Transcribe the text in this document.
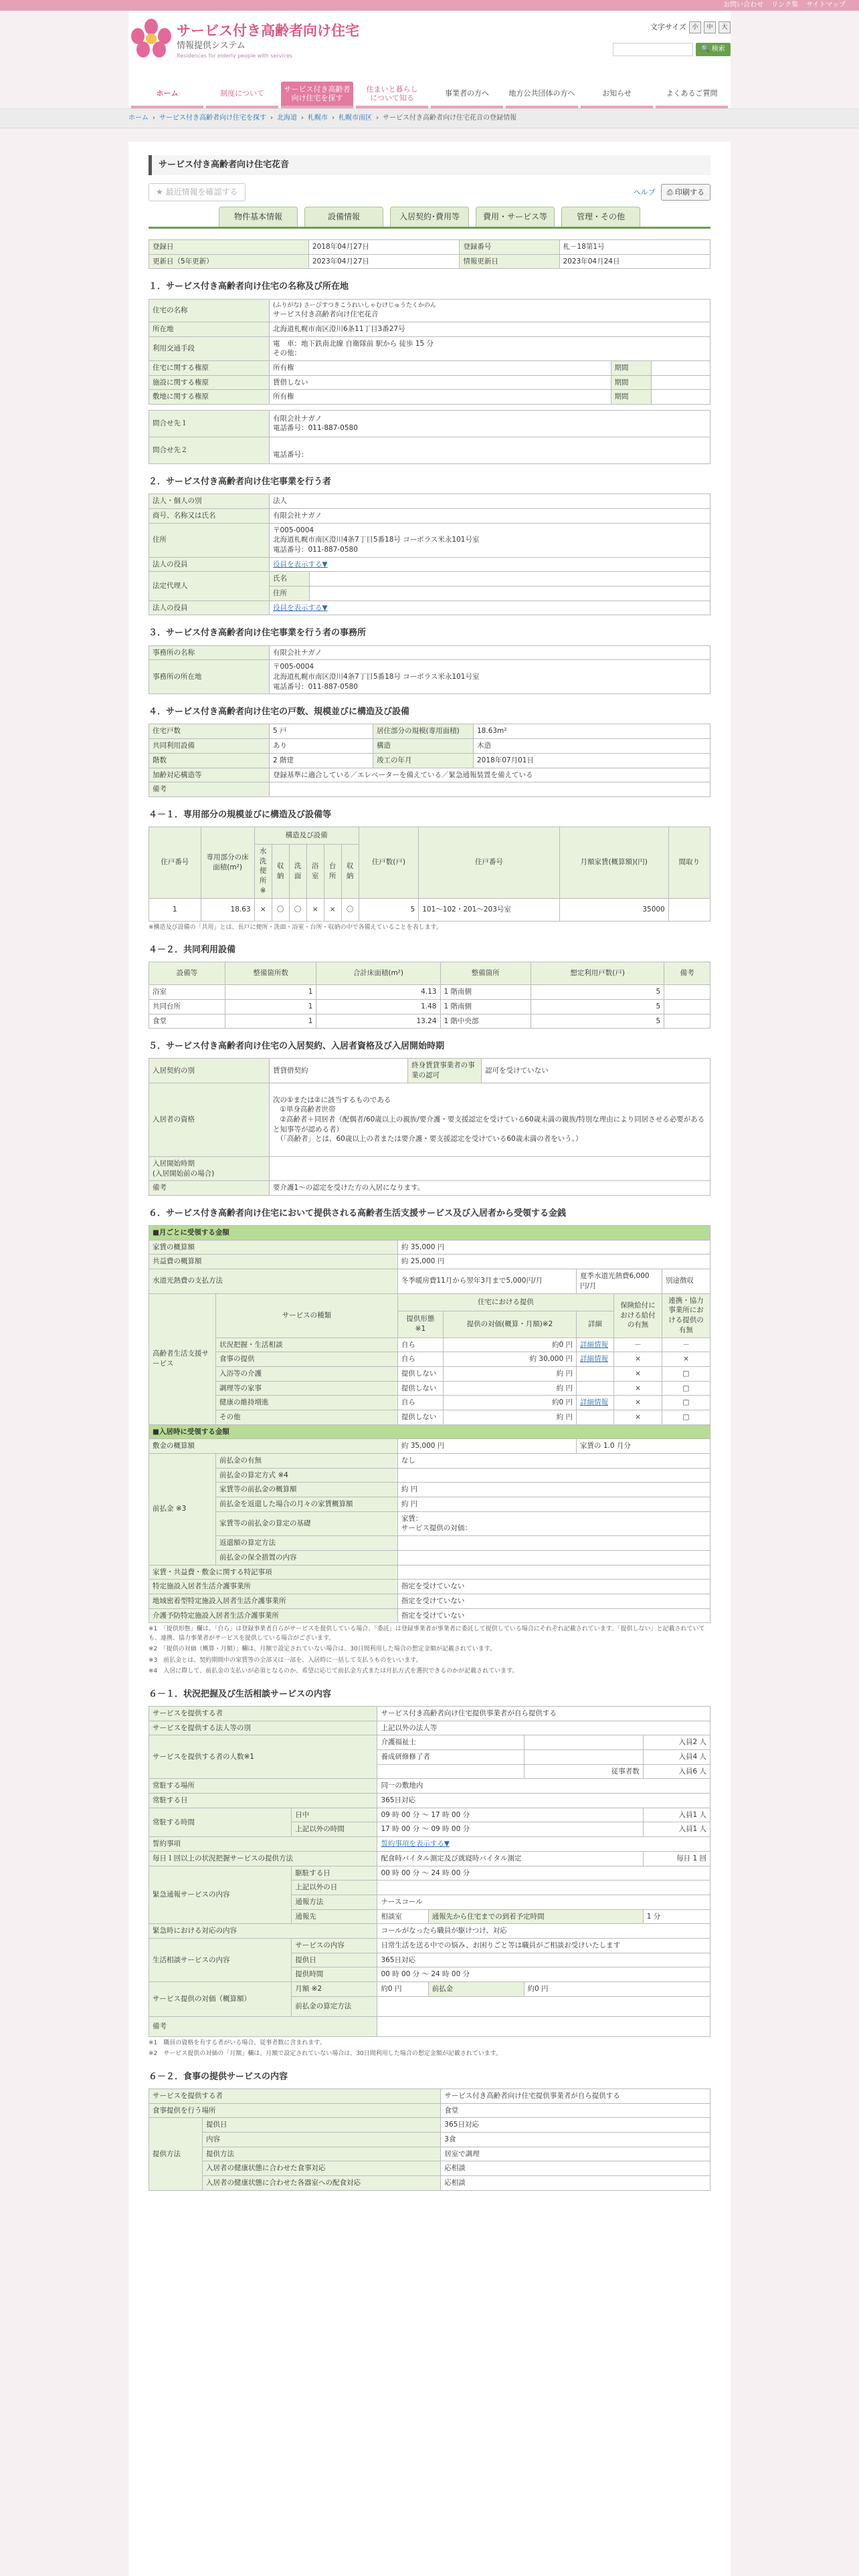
お問い合わせ リンク集 サイトマップ
サービス付き高齢者向け住宅
情報提供システム
Residences for elderly people with services
文字サイズ 小	中	大
🔍 検索
ホーム	制度について
サービス付き高齢者
向け住宅を探す
住まいと暮らし
について知る
事業者の方へ	地方公共団体の方へ	お知らせ	よくあるご質問
ホーム › サービス付き高齢者向け住宅を探す › 北海道 › 札幌市 › 札幌市南区 › サービス付き高齢者向け住宅花音の登録情報
サービス付き高齢者向け住宅花音
★ 最近情報を確認する	ヘルプ	⎙ 印刷する
物件基本情報	設備情報	入居契約･費用等	費用・サービス等	管理・その他
登録日	2018年04月27日	登録番号	札－18第1号
更新日（5年更新）	2023年04月27日	情報更新日	2023年04月24日
１．サービス付き高齢者向け住宅の名称及び所在地
住宅の名称	(ふりがな) さーびすつきこうれいしゃむけじゅうたくかのん
サービス付き高齢者向け住宅花音		

所在地	北海道札幌市南区澄川6条11丁目3番27号		
利用交通手段	電　車：地下鉄南北線 自衛隊前 駅から 徒歩 15 分
その他：		
住宅に関する権原	所有権	期間	
施設に関する権原	賃借しない	期間	
敷地に関する権原	所有権	期間	
問合せ先１	有限会社ナガノ
電話番号：011-887-0580
問合せ先２	
電話番号：
２．サービス付き高齢者向け住宅事業を行う者
法人・個人の別	法人	
商号、名称又は氏名	有限会社ナガノ	
住所	〒005-0004
北海道札幌市南区澄川4条7丁目5番18号 コーポラス米永101号室
電話番号：011-887-0580	
法人の役員	役員を表示する▼	
法定代理人	氏名	
	住所	
法人の役員	役員を表示する▼	
３．サービス付き高齢者向け住宅事業を行う者の事務所
事務所の名称	有限会社ナガノ
事務所の所在地	〒005-0004
北海道札幌市南区澄川4条7丁目5番18号 コーポラス米永101号室
電話番号：011-887-0580
４．サービス付き高齢者向け住宅の戸数、規模並びに構造及び設備
住宅戸数	5 戸	居住部分の規模(専用面積)	18.63m²
共同利用設備	あり	構造	木造
階数	2 階建	竣工の年月	2018年07月01日
加齢対応構造等	登録基準に適合している／エレベーターを備えている／緊急通報装置を備えている		
備考			
４－１．専用部分の規模並びに構造及び設備等
住戸番号	専用部分の床面積(m²)	構造及び設備						住戸数(戸)	住戸番号	月額家賃(概算額)(円)	間取り
		水洗便所※	収納	洗面	浴室	台所	収納				
1	18.63	×	〇	〇	×	×	〇	5	101～102・201～203号室	35000	
※構造及び設備の「共用」とは、長戸に便所・洗面・浴室・台所・収納の中で各備えていることを表します。
４－２．共同利用設備
設備等	整備箇所数	合計床面積(m²)	整備箇所	想定利用戸数(戸)	備考
浴室	1	4.13	1 階南側	5	
共同台所	1	1.48	1 階南側	5	
食堂	1	13.24	1 階中央部	5	
５．サービス付き高齢者向け住宅の入居契約、入居者資格及び入居開始時期
入居契約の別	賃貸借契約	終身賃貸事業者の事業の認可	認可を受けていない
入居者の資格	次の①または②に該当するものである
　①単身高齢者世帯
　②高齢者＋同居者（配偶者/60歳以上の親族/要介護・要支援認定を受けている60歳未満の親族/特別な理由により同居させる必要があると知事等が認める者）
　（「高齢者」とは、60歳以上の者または要介護・要支援認定を受けている60歳未満の者をいう。）		
入居開始時期
(入居開始前の場合)			
備考	要介護1〜の認定を受けた方の入居になります。		
６．サービス付き高齢者向け住宅において提供される高齢者生活支援サービス及び入居者から受領する金銭
■月ごとに受領する金額						
家賃の概算額		約 35,000 円				
共益費の概算額		約 25,000 円				
水道光熱費の支払方法		冬季暖房費11月から翌年3月まで5,000円/月		夏季水道光熱費6,000円/月		別途徴収
高齢者生活支援サービス	サービスの種類	住宅における提供			保険給付における給付の有無	連携・協力事業所における提供の有無
		提供形態※1	提供の対価(概算・月額)※2	詳細		
	状況把握・生活相談	自ら	約0 円	詳細情報	－	－
	食事の提供	自ら	約 30,000 円	詳細情報	×	×
	入浴等の介護	提供しない	約 円		×	□
	調理等の家事	提供しない	約 円		×	□
	健康の維持増進	自ら	約0 円	詳細情報	×	□
	その他	提供しない	約 円		×	□
■入居時に受領する金額						
敷金の概算額		約 35,000 円		家賃の 1.0 月分		
前払金 ※3	前払金の有無	なし				
	前払金の算定方式 ※4					
	家賃等の前払金の概算額	約 円				
	前払金を返還した場合の月々の家賃概算額	約 円				
	家賃等の前払金の算定の基礎	家賃：
サービス提供の対価：				
	返還額の算定方法					
	前払金の保全措置の内容					
家賃・共益費・敷金に関する特記事項						
特定施設入居者生活介護事業所		指定を受けていない				
地域密着型特定施設入居者生活介護事業所		指定を受けていない				
介護予防特定施設入居者生活介護事業所		指定を受けていない				
※1　「提供形態」欄は、「自ら」は登録事業者自らがサービスを提供している場合、「委託」は登録事業者が事業者に委託して提供している場合にそれぞれ記載されています。「提供しない」と記載されていても、連携、協力事業者がサービスを提供している場合がございます。
※2　「提供の対価（概算・月額）」欄は、月額で設定されていない場合は、30日間利用した場合の想定金額が記載されています。
※3　前払金とは、契約期間中の家賃等の全部又は一部を、入居時に一括して支払うものをいいます。
※4　入居に際して、前払金の支払いが必須となるのか、希望に応じて前払金方式または月払方式を選択できるのかが記載されています。
６－１．状況把握及び生活相談サービスの内容
サービスを提供する者		サービス付き高齢者向け住宅提供事業者が自ら提供する			
サービスを提供する法人等の別		上記以外の法人等			
サービスを提供する者の人数※1		介護福祉士			入員2 人
		養成研修修了者			入員4 人
				従事者数	入員6 人
常駐する場所		同一の敷地内			
常駐する日		365日対応			
常駐する時間	日中	09 時 00 分 ～ 17 時 00 分			入員1 人
	上記以外の時間	17 時 00 分 ～ 09 時 00 分			入員1 人
誓約事項		誓約事項を表示する▼			
毎日１回以上の状況把握サービスの提供方法		配食時バイタル測定及び就寝時バイタル測定			毎日 1 回
緊急通報サービスの内容	駆駐する日	00 時 00 分 ～ 24 時 00 分			
	上記以外の日				
	通報方法	ナースコール			
	通報先	相談室	通報先から住宅までの到着予定時間		1 分
緊急時における対応の内容		コールがなったら職員が駆けつけ、対応			
生活相談サービスの内容	サービスの内容	日常生活を送る中での悩み、お困りごと等は職員がご相談お受けいたします			
	提供日	365日対応			
	提供時間	00 時 00 分 ～ 24 時 00 分			
サービス提供の対価（概算額）	月額 ※2	約0 円	前払金	約0 円	
	前払金の算定方法				
備考					
※1　職員の資格を有する者がいる場合、従事者数に含まれます。
※2　サービス提供の対価の「月額」欄は、月額で設定されていない場合は、30日間利用した場合の想定金額が記載されています。
６－２．食事の提供サービスの内容
サービスを提供する者		サービス付き高齢者向け住宅提供事業者が自ら提供する
食事提供を行う場所		食堂
提供方法	提供日	365日対応
	内容	3食
	提供方法	居室で調理
	入居者の健康状態に合わせた食事対応	応相談
	入居者の健康状態に合わせた各器室への配食対応	応相談
